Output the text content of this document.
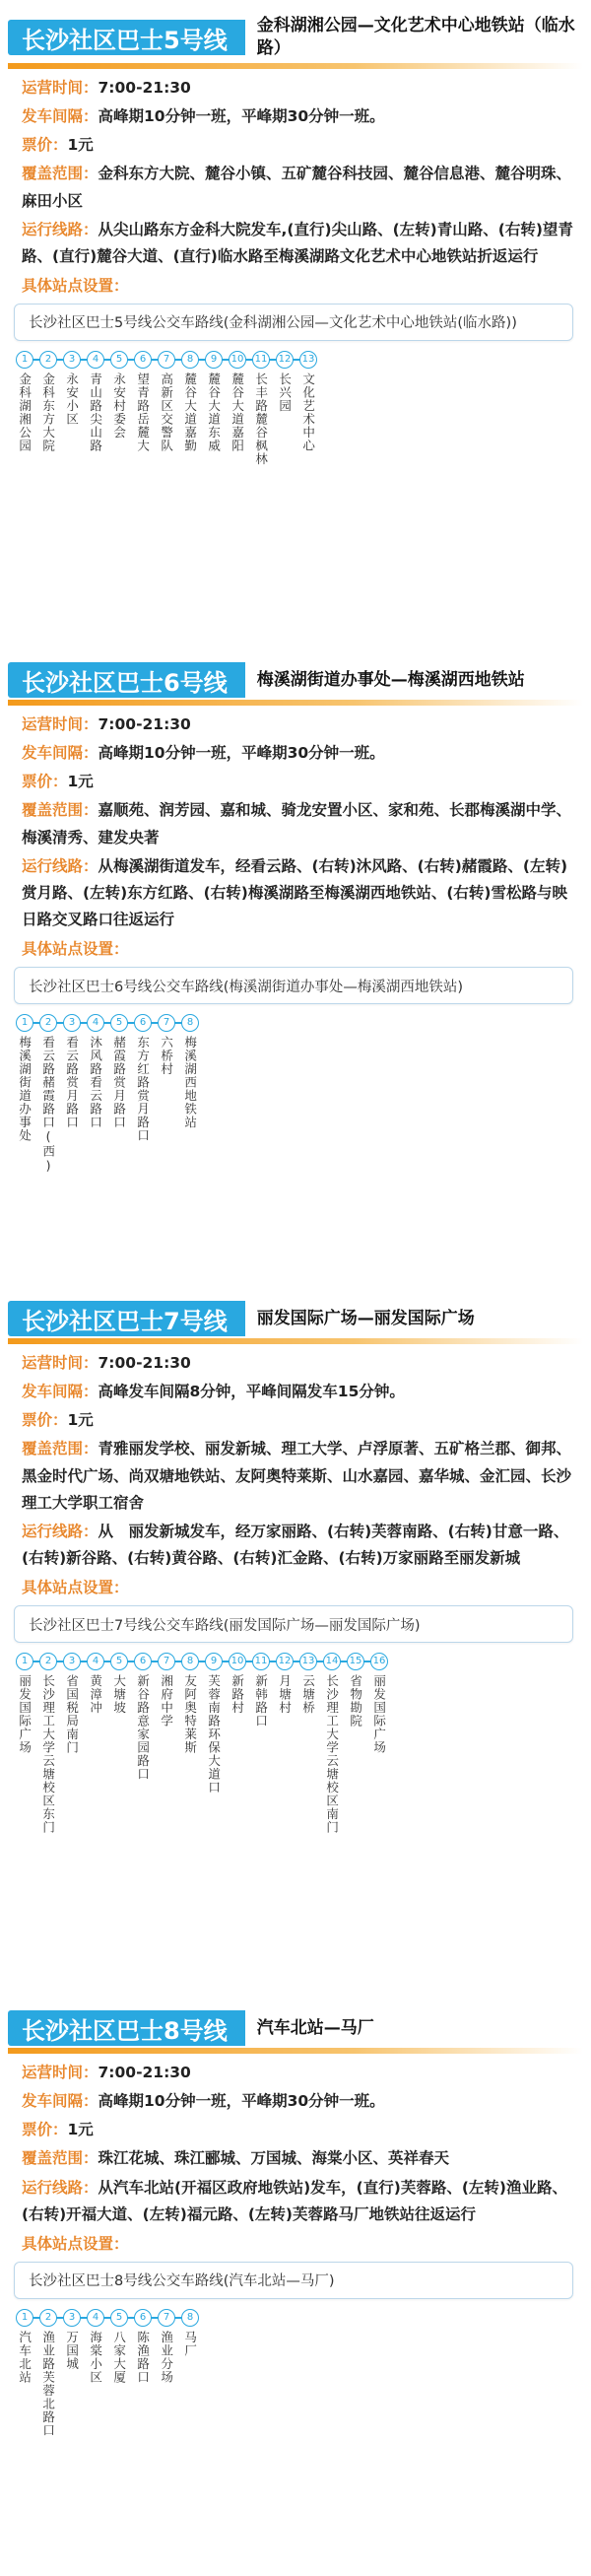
长沙社区巴士5号线
金科湖湘公园—文化艺术中心地铁站（临水路）
运营时间：7:00-21:30
发车间隔：高峰期10分钟一班，平峰期30分钟一班。
票价：1元
覆盖范围：金科东方大院、麓谷小镇、五矿麓谷科技园、麓谷信息港、麓谷明珠、麻田小区
运行线路：从尖山路东方金科大院发车,(直行)尖山路、(左转)青山路、(右转)望青路、(直行)麓谷大道、(直行)临水路至梅溪湖路文化艺术中心地铁站折返运行
具体站点设置：
长沙社区巴士5号线公交车路线(金科湖湘公园—文化艺术中心地铁站(临水路))
1
金科湖湘公园
2
金科东方大院
3
永安小区
4
青山路尖山路
5
永安村委会
6
望青路岳麓大
7
高新区交警队
8
麓谷大道嘉勤
9
麓谷大道东威
10
麓谷大道嘉阳
11
长丰路麓谷枫林
12
长兴园
13
文化艺术中心
长沙社区巴士6号线	梅溪湖街道办事处—梅溪湖西地铁站
运营时间：7:00-21:30
发车间隔：高峰期10分钟一班，平峰期30分钟一班。
票价：1元
覆盖范围：嘉顺苑、润芳园、嘉和城、骑龙安置小区、家和苑、长郡梅溪湖中学、梅溪清秀、建发央著
运行线路：从梅溪湖街道发车，经看云路、(右转)沐风路、(右转)赭霞路、(左转)赏月路、(左转)东方红路、(右转)梅溪湖路至梅溪湖西地铁站、(右转)雪松路与映日路交叉路口往返运行
具体站点设置：
长沙社区巴士6号线公交车路线(梅溪湖街道办事处—梅溪湖西地铁站)
1
梅溪湖街道办事处
2
看云路赭霞路口(西)
3
看云路赏月路口
4
沐风路看云路口
5
赭霞路赏月路口
6
东方红路赏月路口
7
六桥村
8
梅溪湖西地铁站
长沙社区巴士7号线	丽发国际广场—丽发国际广场
运营时间：7:00-21:30
发车间隔：高峰发车间隔8分钟，平峰间隔发车15分钟。
票价：1元
覆盖范围：青雅丽发学校、丽发新城、理工大学、卢浮原著、五矿格兰郡、御邦、黑金时代广场、尚双塘地铁站、友阿奥特莱斯、山水嘉园、嘉华城、金汇园、长沙理工大学职工宿舍
运行线路：从　丽发新城发车，经万家丽路、(右转)芙蓉南路、(右转)甘意一路、(右转)新谷路、(右转)黄谷路、(右转)汇金路、(右转)万家丽路至丽发新城
具体站点设置：
长沙社区巴士7号线公交车路线(丽发国际广场—丽发国际广场)
1
丽发国际广场
2
长沙理工大学云塘校区东门
3
省国税局南门
4
黄漳冲
5
大塘坡
6
新谷路意家园路口
7
湘府中学
8
友阿奥特莱斯
9
芙蓉南路环保大道口
10
新路村
11
新韩路口
12
月塘村
13
云塘桥
14
长沙理工大学云塘校区南门
15
省物勘院
16
丽发国际广场
长沙社区巴士8号线	汽车北站—马厂
运营时间：7:00-21:30
发车间隔：高峰期10分钟一班，平峰期30分钟一班。
票价：1元
覆盖范围：珠江花城、珠江郦城、万国城、海棠小区、英祥春天
运行线路：从汽车北站(开福区政府地铁站)发车，(直行)芙蓉路、(左转)渔业路、(右转)开福大道、(左转)福元路、(左转)芙蓉路马厂地铁站往返运行
具体站点设置：
长沙社区巴士8号线公交车路线(汽车北站—马厂)
1
汽车北站
2
渔业路芙蓉北路口
3
万国城
4
海棠小区
5
八家大厦
6
陈渔路口
7
渔业分场
8
马厂
